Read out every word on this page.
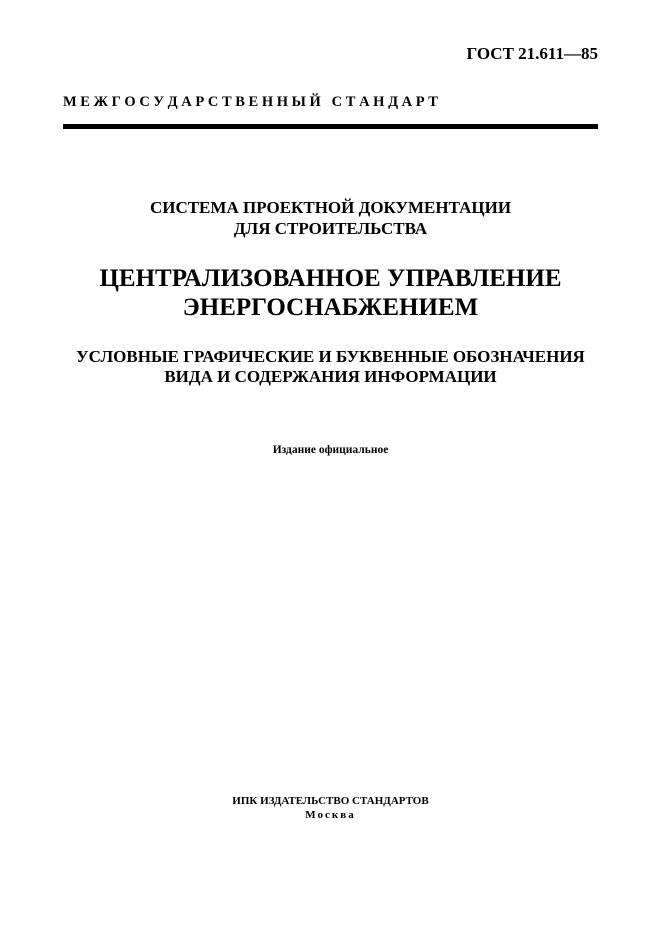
ГОСТ 21.611—85
М Е Ж Г О С У Д А Р С Т В Е Н Н Ы Й   С Т А Н Д А Р Т
СИСТЕМА ПРОЕКТНОЙ ДОКУМЕНТАЦИИ
ДЛЯ СТРОИТЕЛЬСТВА
ЦЕНТРАЛИЗОВАННОЕ УПРАВЛЕНИЕ
ЭНЕРГОСНАБЖЕНИЕМ
УСЛОВНЫЕ ГРАФИЧЕСКИЕ И БУКВЕННЫЕ ОБОЗНАЧЕНИЯ
ВИДА И СОДЕРЖАНИЯ ИНФОРМАЦИИ
Издание официальное
ИПК ИЗДАТЕЛЬСТВО СТАНДАРТОВ
Москва
